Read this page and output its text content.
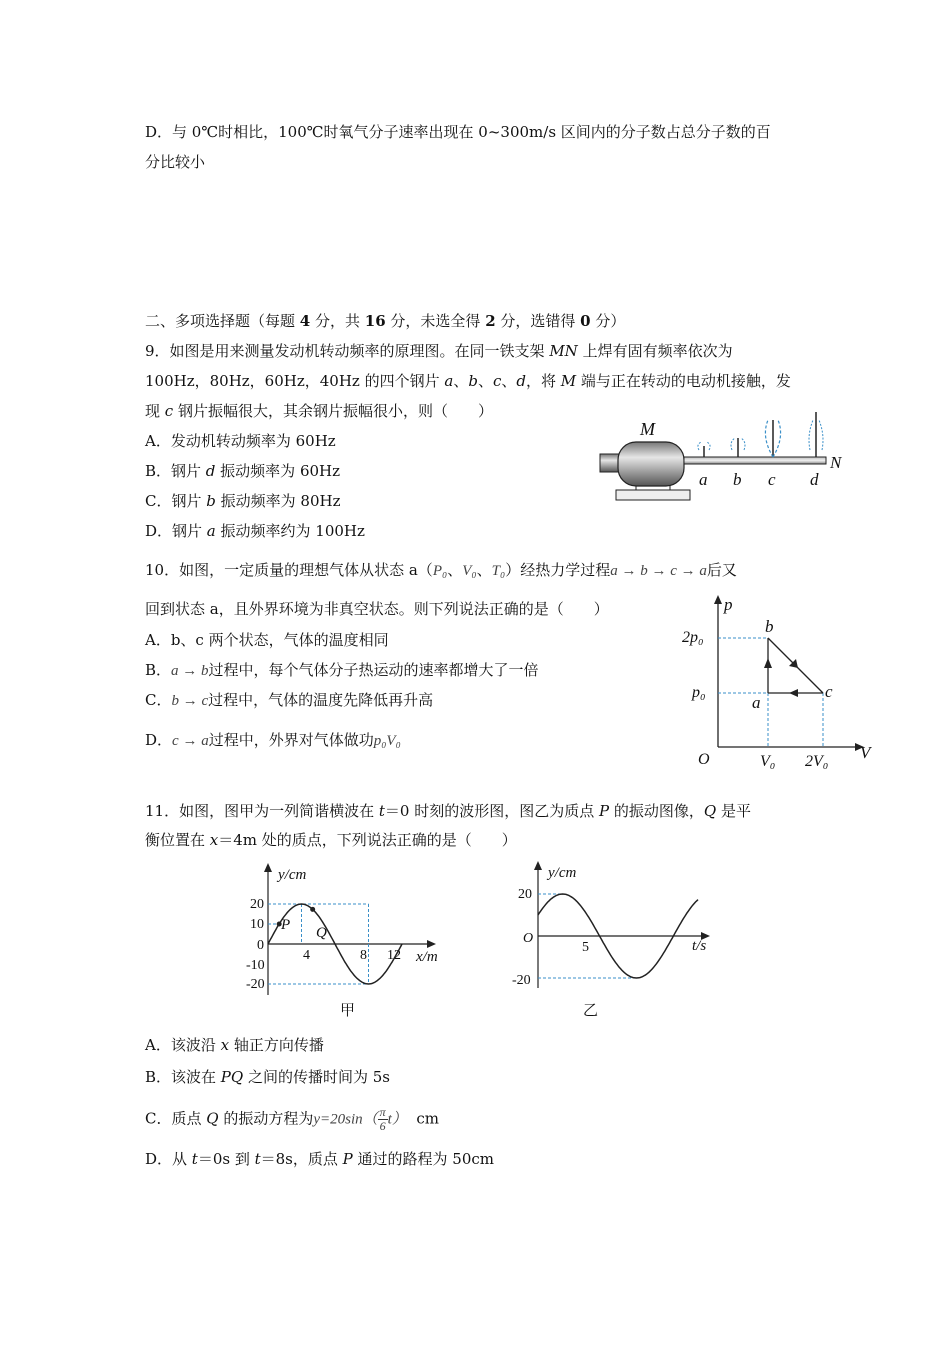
D．与 0℃时相比，100℃时氧气分子速率出现在 0~300m/s 区间内的分子数占总分子数的百
分比较小
二、多项选择题（每题 4 分，共 16 分，未选全得 2 分，选错得 0 分）
9．如图是用来测量发动机转动频率的原理图。在同一铁支架 MN 上焊有固有频率依次为
100Hz，80Hz，60Hz，40Hz 的四个钢片 a、b、c、d，将 M 端与正在转动的电动机接触，发
现 c 钢片振幅很大，其余钢片振幅很小，则（　　）
A．发动机转动频率为 60Hz
B．钢片 d 振动频率为 60Hz
C．钢片 b 振动频率为 80Hz
D．钢片 a 振动频率约为 100Hz
M
N
a b c d
10．如图，一定质量的理想气体从状态 a（P₀、V₀、T₀）经热力学过程a → b → c → a后又
回到状态 a，且外界环境为非真空状态。则下列说法正确的是（　　）
A．b、c 两个状态，气体的温度相同
B．a → b过程中，每个气体分子热运动的速率都增大了一倍
C．b → c过程中，气体的温度先降低再升高
D．c → a过程中，外界对气体做功p₀V₀
p
V
O
2p₀
p₀
V₀ 2V₀
a
b
c
11．如图，图甲为一列简谐横波在 t＝0 时刻的波形图，图乙为质点 P 的振动图像，Q 是平
衡位置在 x＝4m 处的质点，下列说法正确的是（　　）
y/cm
x/m
P Q
20
10
0
-10
-20
4	8 12
甲
y/cm
t/s
20
O
-20
5
乙
A．该波沿 x 轴正方向传播
B．该波在 PQ 之间的传播时间为 5s
C．质点 Q 的振动方程为$y=20\sin( \frac{\pi}{6} t)$ cm
D．从 t＝0s 到 t＝8s，质点 P 通过的路程为 50cm
